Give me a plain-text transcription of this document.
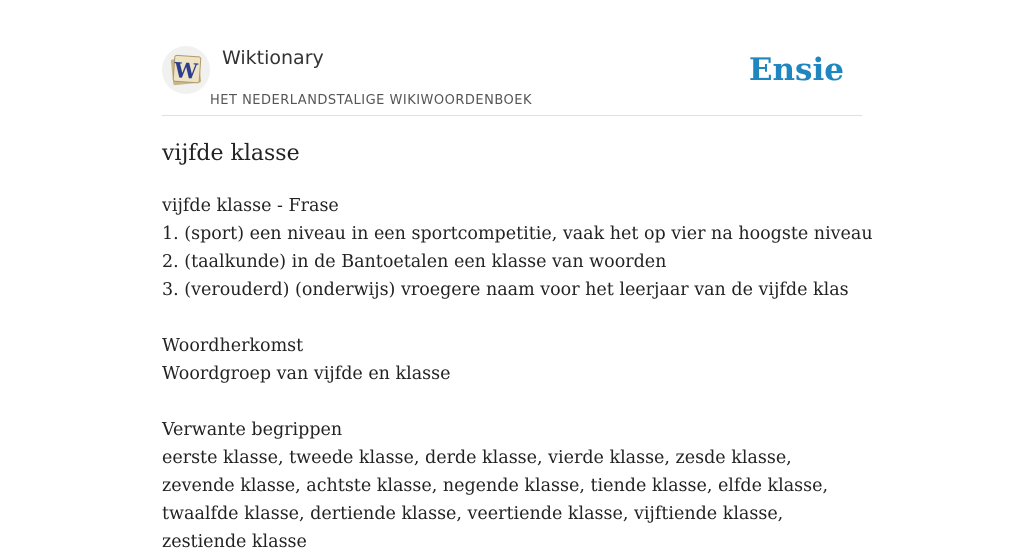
W Wiktionary
HET NEDERLANDSTALIGE WIKIWOORDENBOEK
Ensie
vijfde klasse
vijfde klasse - Frase
1. (sport) een niveau in een sportcompetitie, vaak het op vier na hoogste niveau
2. (taalkunde) in de Bantoetalen een klasse van woorden
3. (verouderd) (onderwijs) vroegere naam voor het leerjaar van de vijfde klas
Woordherkomst
Woordgroep van vijfde en klasse
Verwante begrippen
eerste klasse, tweede klasse, derde klasse, vierde klasse, zesde klasse, zevende klasse, achtste klasse, negende klasse, tiende klasse, elfde klasse, twaalfde klasse, dertiende klasse, veertiende klasse, vijftiende klasse, zestiende klasse
